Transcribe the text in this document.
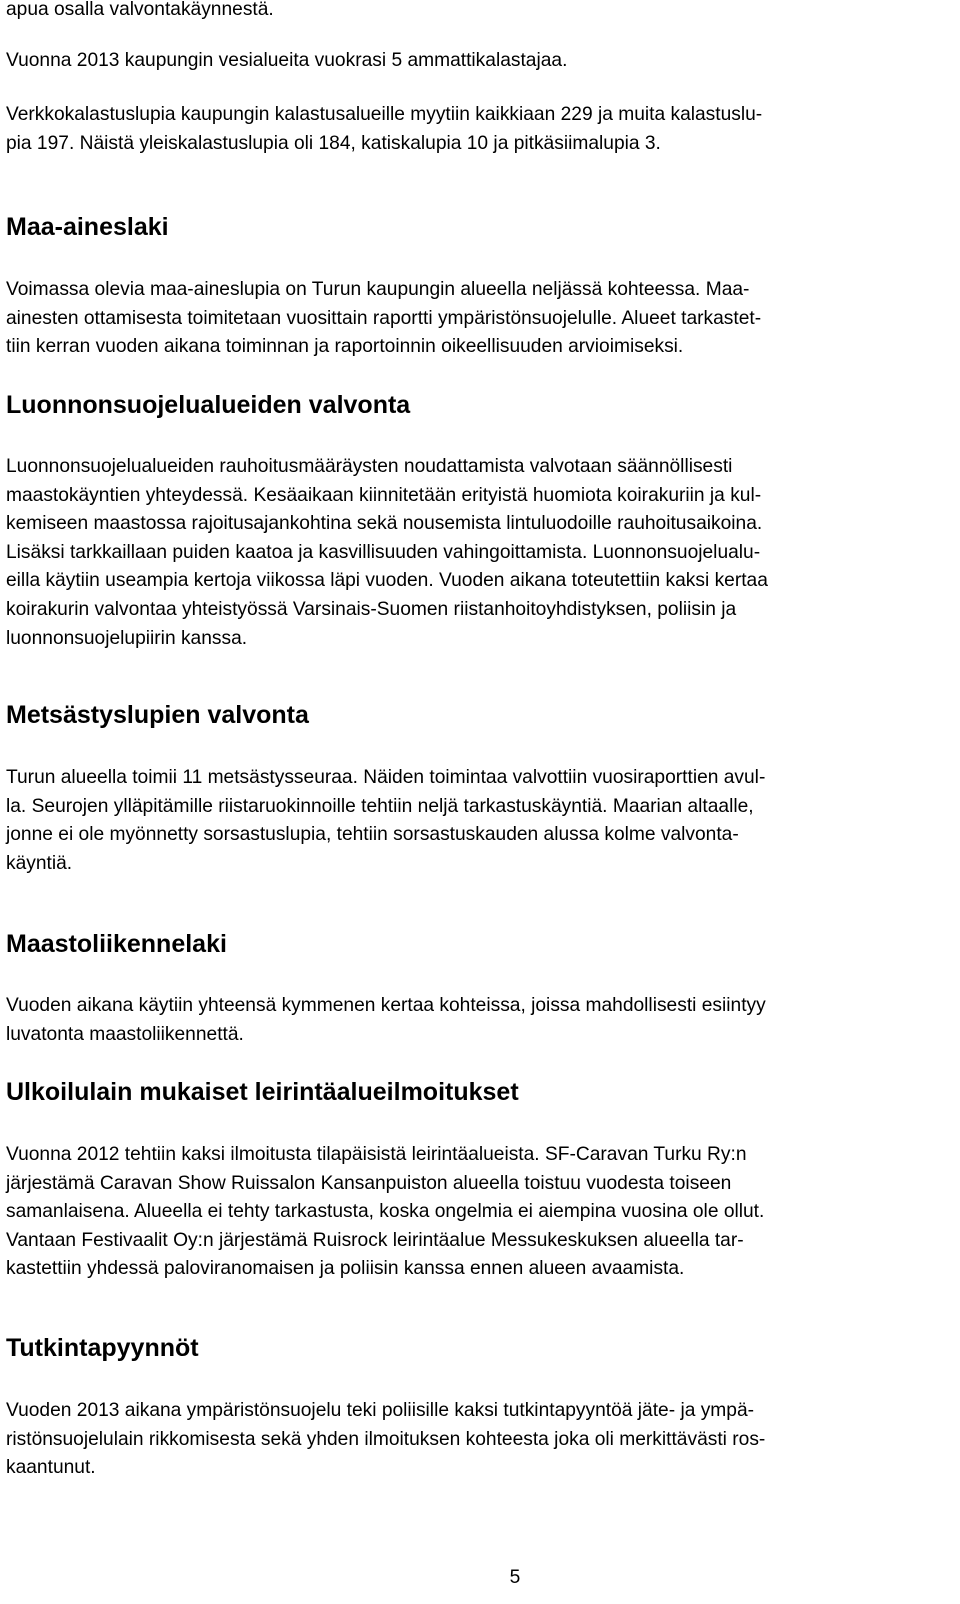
apua osalla valvontakäynnestä.

Vuonna 2013 kaupungin vesialueita vuokrasi 5 ammattikalastajaa.

Verkkokalastuslupia kaupungin kalastusalueille myytiin kaikkiaan 229 ja muita kalastuslu-
pia 197. Näistä yleiskalastuslupia oli 184, katiskalupia 10 ja pitkäsiimalupia 3.

Maa-aineslaki

Voimassa olevia maa-aineslupia on Turun kaupungin alueella neljässä kohteessa. Maa-
ainesten ottamisesta toimitetaan vuosittain raportti ympäristönsuojelulle. Alueet tarkastet-
tiin kerran vuoden aikana toiminnan ja raportoinnin oikeellisuuden arvioimiseksi.

Luonnonsuojelualueiden valvonta

Luonnonsuojelualueiden rauhoitusmääräysten noudattamista valvotaan säännöllisesti
maastokäyntien yhteydessä. Kesäaikaan kiinnitetään erityistä huomiota koirakuriin ja kul-
kemiseen maastossa rajoitusajankohtina sekä nousemista lintuluodoille rauhoitusaikoina.
Lisäksi tarkkaillaan puiden kaatoa ja kasvillisuuden vahingoittamista. Luonnonsuojelualu-
eilla käytiin useampia kertoja viikossa läpi vuoden. Vuoden aikana toteutettiin kaksi kertaa
koirakurin valvontaa yhteistyössä Varsinais-Suomen riistanhoitoyhdistyksen, poliisin ja
luonnonsuojelupiirin kanssa.

Metsästyslupien valvonta

Turun alueella toimii 11 metsästysseuraa. Näiden toimintaa valvottiin vuosiraporttien avul-
la. Seurojen ylläpitämille riistaruokinnoille tehtiin neljä tarkastuskäyntiä. Maarian altaalle,
jonne ei ole myönnetty sorsastuslupia, tehtiin sorsastuskauden alussa kolme valvonta-
käyntiä.

Maastoliikennelaki

Vuoden aikana käytiin yhteensä kymmenen kertaa kohteissa, joissa mahdollisesti esiintyy
luvatonta maastoliikennettä.

Ulkoilulain mukaiset leirintäalueilmoitukset

Vuonna 2012 tehtiin kaksi ilmoitusta tilapäisistä leirintäalueista. SF-Caravan Turku Ry:n
järjestämä Caravan Show Ruissalon Kansanpuiston alueella toistuu vuodesta toiseen
samanlaisena. Alueella ei tehty tarkastusta, koska ongelmia ei aiempina vuosina ole ollut.
Vantaan Festivaalit Oy:n järjestämä Ruisrock leirintäalue Messukeskuksen alueella tar-
kastettiin yhdessä paloviranomaisen ja poliisin kanssa ennen alueen avaamista.

Tutkintapyynnöt

Vuoden 2013 aikana ympäristönsuojelu teki poliisille kaksi tutkintapyyntöä jäte- ja ympä-
ristönsuojelulain rikkomisesta sekä yhden ilmoituksen kohteesta joka oli merkittävästi ros-
kaantunut.

5
